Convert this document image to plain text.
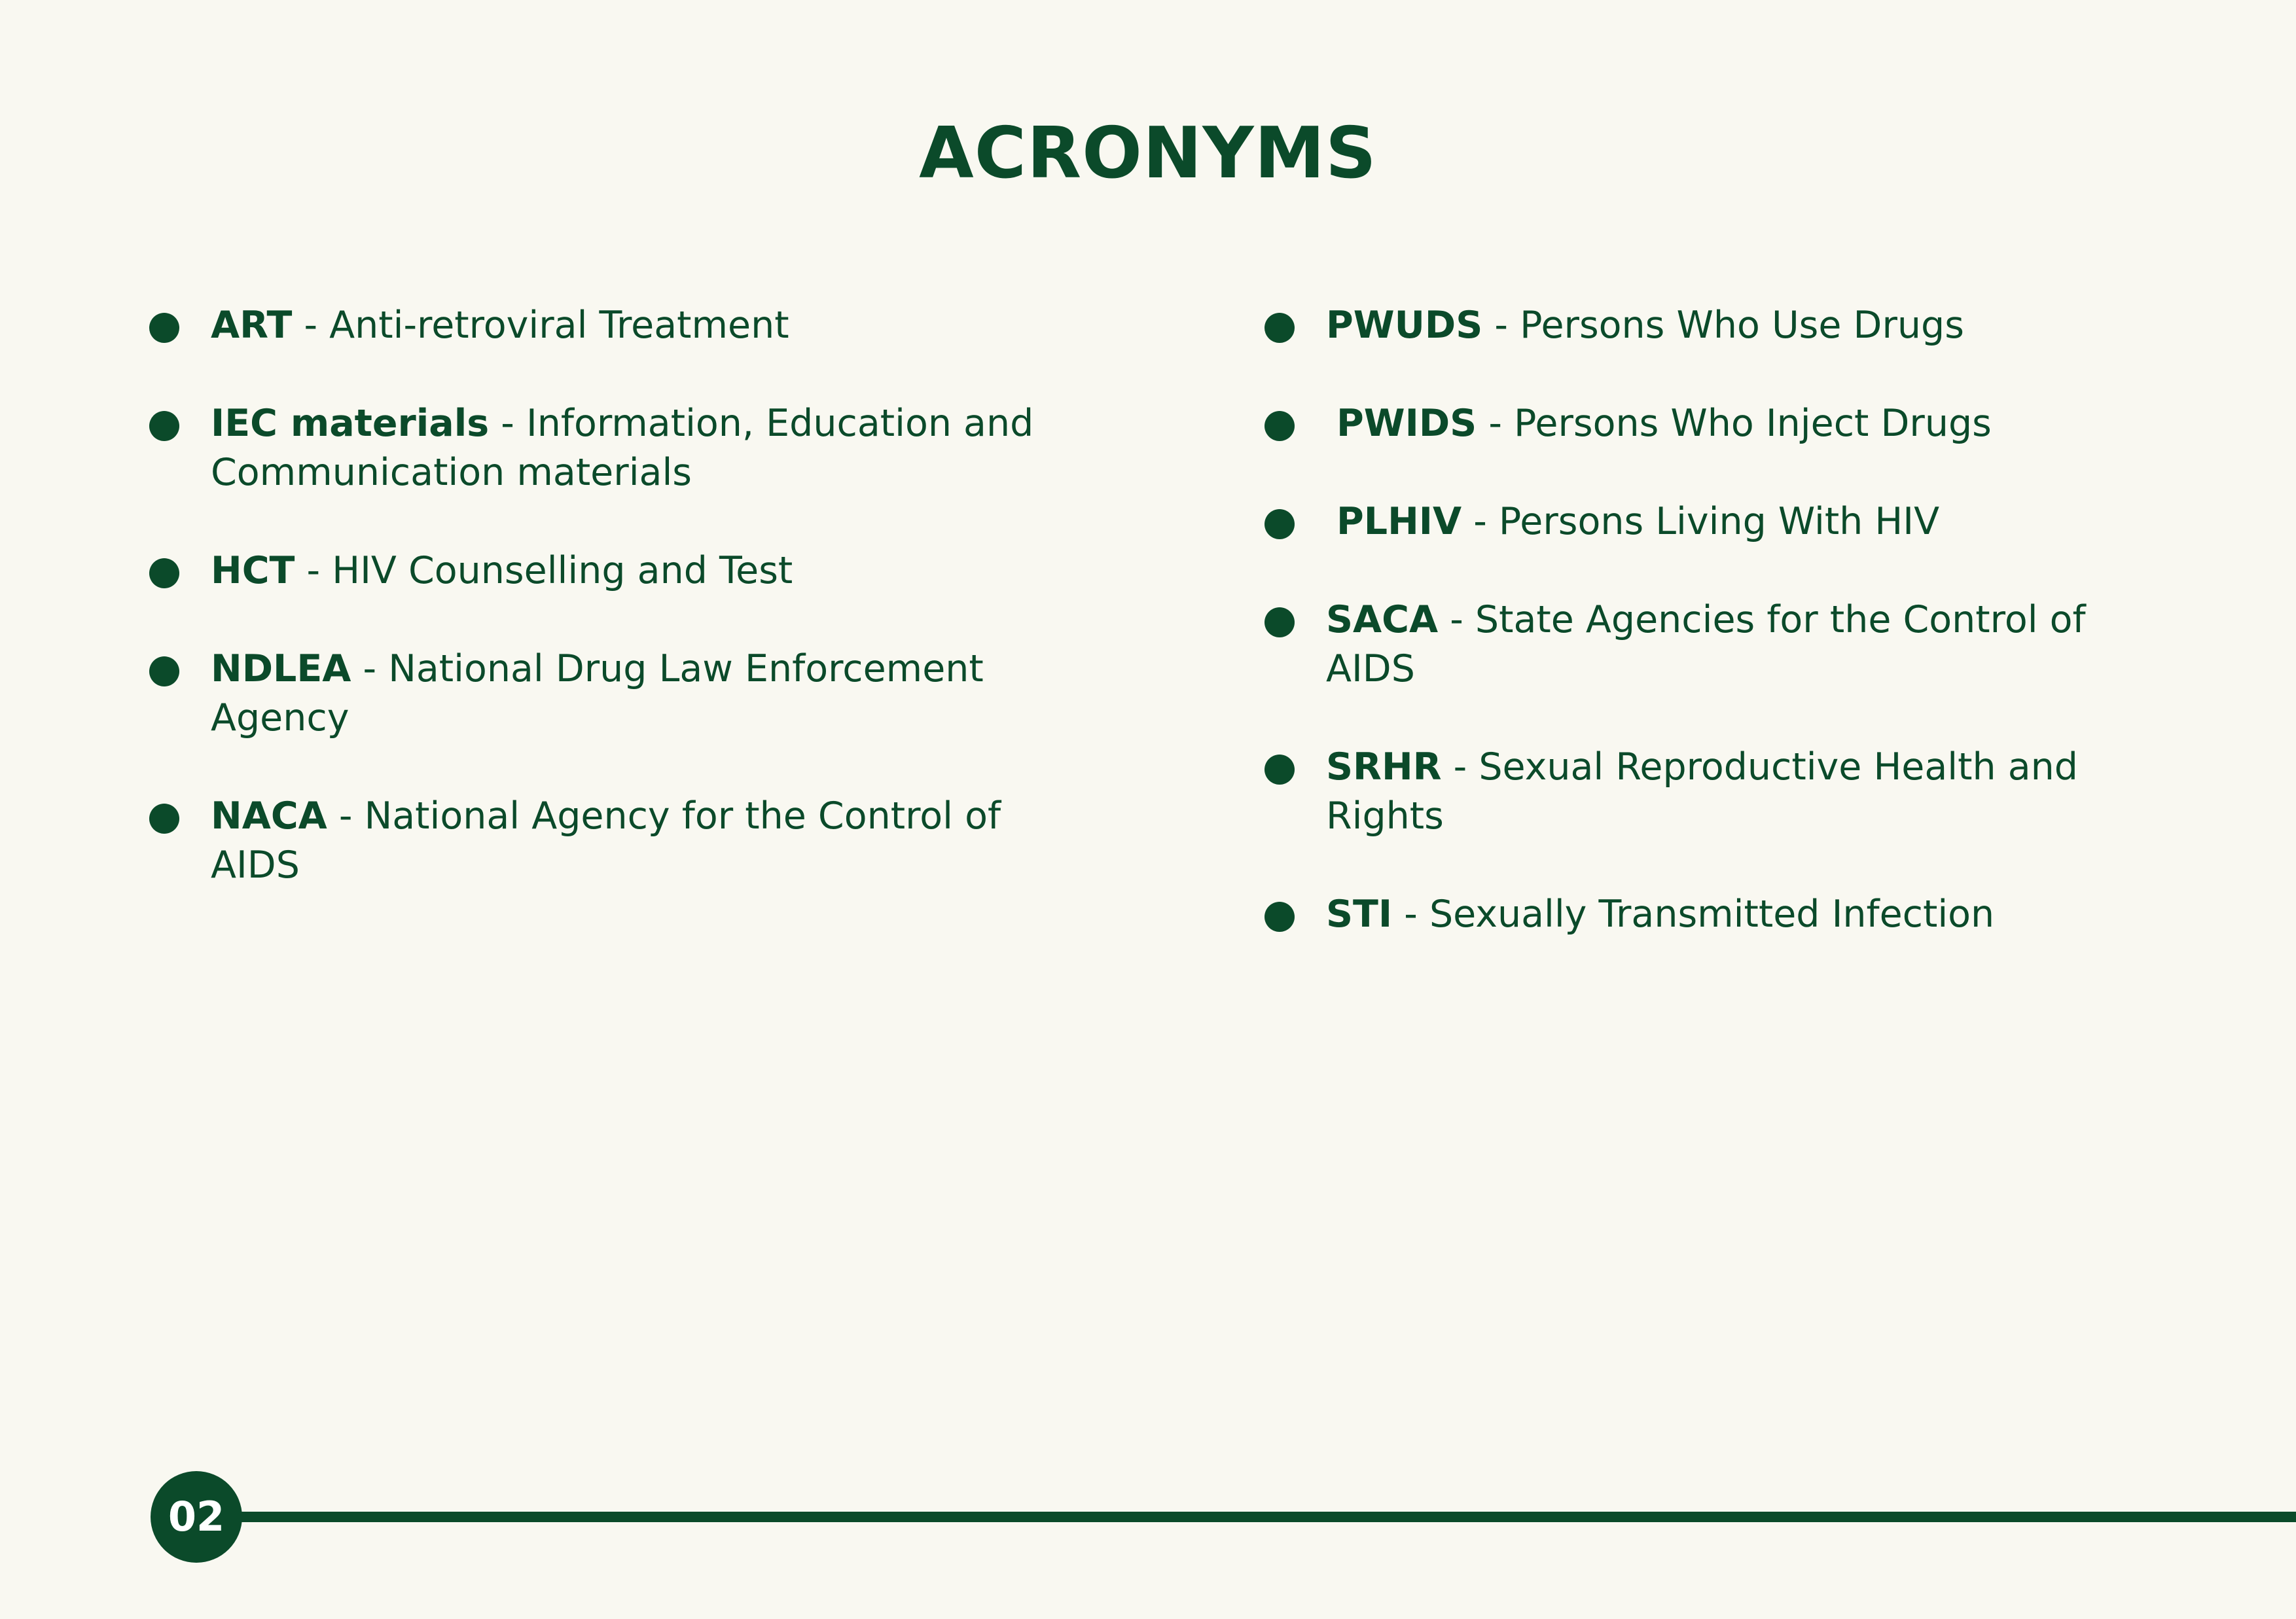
ACRONYMS
ART - Anti-retroviral Treatment
IEC materials - Information, Education and Communication materials
HCT - HIV Counselling and Test
NDLEA - National Drug Law Enforcement Agency
NACA - National Agency for the Control of AIDS
PWUDS - Persons Who Use Drugs
PWIDS - Persons Who Inject Drugs
PLHIV - Persons Living With HIV
SACA - State Agencies for the Control of AIDS
SRHR - Sexual Reproductive Health and Rights
STI - Sexually Transmitted Infection
02
